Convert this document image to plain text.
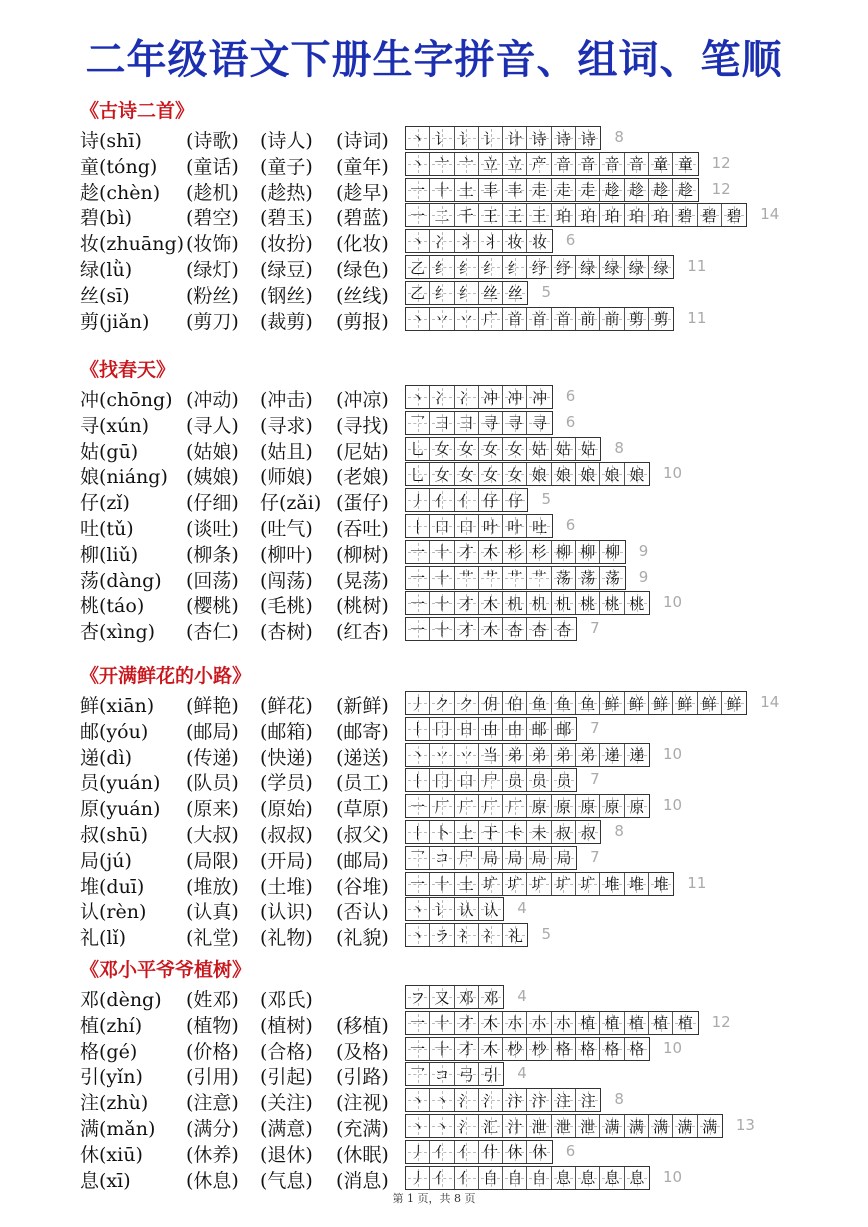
二年级语文下册生字拼音、组词、笔顺
《古诗二首》
诗(shī) (诗歌) (诗人) (诗词) 丶 讠 讠 讠 计 诗 诗 诗 8
童(tóng) (童话) (童子) (童年) 丶 亠 亠 立 立 产 音 音 音 音 童 童 12
趁(chèn) (趁机) (趁热) (趁早) 一 十 土 丰 丰 走 走 走 趁 趁 趁 趁 12
碧(bì)	(碧空) (碧玉) (碧蓝) 一 二 千 王 王 王 珀 珀 珀 珀 珀 碧 碧 碧 14
妆(zhuāng) (妆饰) (妆扮) (化妆) 丶 冫 丬 丬 妆 妆 6
绿(lǜ)	(绿灯) (绿豆) (绿色) 乙 纟 纟 纟 纟 纾 纾 绿 绿 绿 绿 11
丝(sī)	(粉丝) (钢丝) (丝线) 乙 纟 纟 丝 丝 5
剪(jiǎn) (剪刀) (裁剪) (剪报) 丶 丷 丷 广 首 首 首 前 前 剪 剪 11
《找春天》
冲(chōng) (冲动) (冲击) (冲凉) 丶 冫 冫 冲 冲 冲 6
寻(xún) (寻人) (寻求) (寻找) 乛 彐 彐 寻 寻 寻 6
姑(gū)	(姑娘) (姑且) (尼姑) 乚 女 女 女 女 姑 姑 姑 8
娘(niáng) (姨娘) (师娘) (老娘) 乚 女 女 女 女 娘 娘 娘 娘 娘 10
仔(zǐ)	(仔细) 仔(zǎi) (蛋仔) 丿 亻 亻 仔 仔 5
吐(tǔ)	(谈吐) (吐气) (吞吐) 丨 口 口 叶 叶 吐 6
柳(liǔ)	(柳条) (柳叶) (柳树) 一 十 才 木 杉 杉 柳 柳 柳 9
荡(dàng) (回荡) (闯荡) (晃荡) 一 十 艹 艹 艹 艹 荡 荡 荡 9
桃(táo) (樱桃) (毛桃) (桃树) 一 十 才 木 机 机 机 桃 桃 桃 10
杏(xìng) (杏仁) (杏树) (红杏) 一 十 才 木 杏 杏 杏 7
《开满鲜花的小路》
鲜(xiān) (鲜艳) (鲜花) (新鲜) 丿 ク ク 仴 伯 鱼 鱼 鱼 鲜 鲜 鲜 鲜 鲜 鲜 14
邮(yóu) (邮局) (邮箱) (邮寄) 丨 冂 日 由 由 邮 邮 7
递(dì)	(传递) (快递) (递送) 丶 丷 丷 当 弟 弟 弟 弟 递 递 10
员(yuán) (队员) (学员) (员工) 丨 冂 口 尸 员 员 员 7
原(yuán) (原来) (原始) (草原) 一 厂 厂 厂 厂 原 原 原 原 原 10
叔(shū) (大叔) (叔叔) (叔父) 丨 卜 上 于 卡 未 叔 叔 8
局(jú)	(局限) (开局) (邮局) 乛 コ 尸 局 局 局 局 7
堆(duī) (堆放) (土堆) (谷堆) 一 十 土 圹 圹 圹 圹 圹 堆 堆 堆 11
认(rèn) (认真) (认识) (否认) 丶 讠 认 认 4
礼(lǐ)	(礼堂) (礼物) (礼貌) 丶 ラ 礻 礻 礼 5
《邓小平爷爷植树》
邓(dèng) (姓邓) (邓氏)	フ 又 邓 邓 4
植(zhí) (植物) (植树) (移植) 一 十 才 木 朩 朩 朩 植 植 植 植 植 12
格(gé)	(价格) (合格) (及格) 一 十 才 木 杪 杪 格 格 格 格 10
引(yǐn) (引用) (引起) (引路) 乛 コ 弓 引 4
注(zhù) (注意) (关注) (注视) 丶 丶 氵 氵 汴 汴 注 注 8
满(mǎn) (满分) (满意) (充满) 丶 丶 氵 汇 汁 泄 泄 泄 满 满 满 满 满 13
休(xiū) (休养) (退休) (休眠) 丿 亻 亻 什 休 休 6
息(xī)	(休息) (气息) (消息) 丿 亻 亻 自 自 自 息 息 息 息 10
第 1 页，共 8 页
